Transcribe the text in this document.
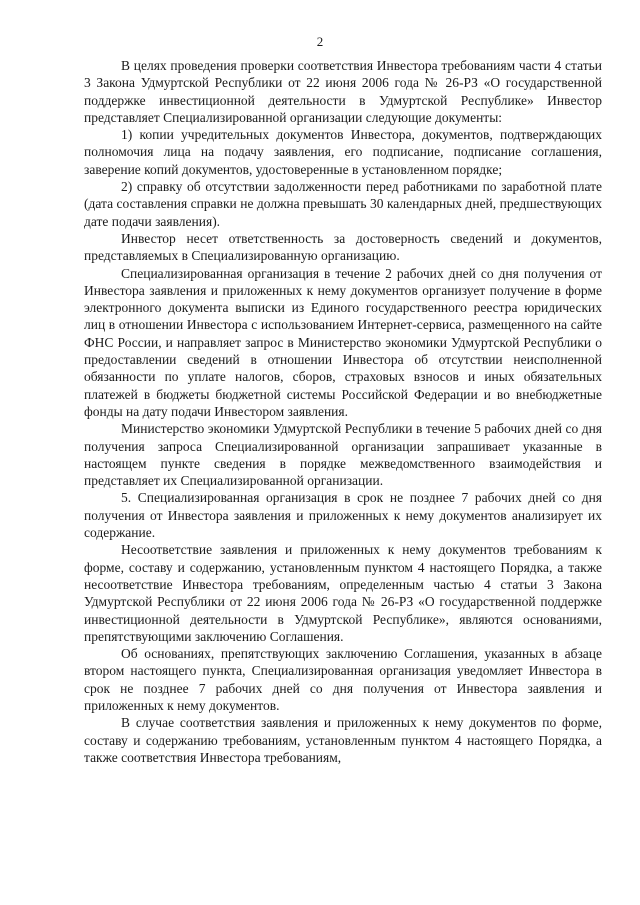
2

В целях проведения проверки соответствия Инвестора требованиям части 4 статьи 3 Закона Удмуртской Республики от 22 июня 2006 года № 26-РЗ «О государственной поддержке инвестиционной деятельности в Удмуртской Республике» Инвестор представляет Специализированной организации следующие документы:

1) копии учредительных документов Инвестора, документов, подтверждающих полномочия лица на подачу заявления, его подписание, подписание соглашения, заверение копий документов, удостоверенные в установленном порядке;

2) справку об отсутствии задолженности перед работниками по заработной плате (дата составления справки не должна превышать 30 календарных дней, предшествующих дате подачи заявления).

Инвестор несет ответственность за достоверность сведений и документов, представляемых в Специализированную организацию.

Специализированная организация в течение 2 рабочих дней со дня получения от Инвестора заявления и приложенных к нему документов организует получение в форме электронного документа выписки из Единого государственного реестра юридических лиц в отношении Инвестора с использованием Интернет-сервиса, размещенного на сайте ФНС России, и направляет запрос в Министерство экономики Удмуртской Республики о предоставлении сведений в отношении Инвестора об отсутствии неисполненной обязанности по уплате налогов, сборов, страховых взносов и иных обязательных платежей в бюджеты бюджетной системы Российской Федерации и во внебюджетные фонды на дату подачи Инвестором заявления.

Министерство экономики Удмуртской Республики в течение 5 рабочих дней со дня получения запроса Специализированной организации запрашивает указанные в настоящем пункте сведения в порядке межведомственного взаимодействия и представляет их Специализированной организации.

5. Специализированная организация в срок не позднее 7 рабочих дней со дня получения от Инвестора заявления и приложенных к нему документов анализирует их содержание.

Несоответствие заявления и приложенных к нему документов требованиям к форме, составу и содержанию, установленным пунктом 4 настоящего Порядка, а также несоответствие Инвестора требованиям, определенным частью 4 статьи 3 Закона Удмуртской Республики от 22 июня 2006 года № 26-РЗ «О государственной поддержке инвестиционной деятельности в Удмуртской Республике», являются основаниями, препятствующими заключению Соглашения.

Об основаниях, препятствующих заключению Соглашения, указанных в абзаце втором настоящего пункта, Специализированная организация уведомляет Инвестора в срок не позднее 7 рабочих дней со дня получения от Инвестора заявления и приложенных к нему документов.

В случае соответствия заявления и приложенных к нему документов по форме, составу и содержанию требованиям, установленным пунктом 4 настоящего Порядка, а также соответствия Инвестора требованиям,
